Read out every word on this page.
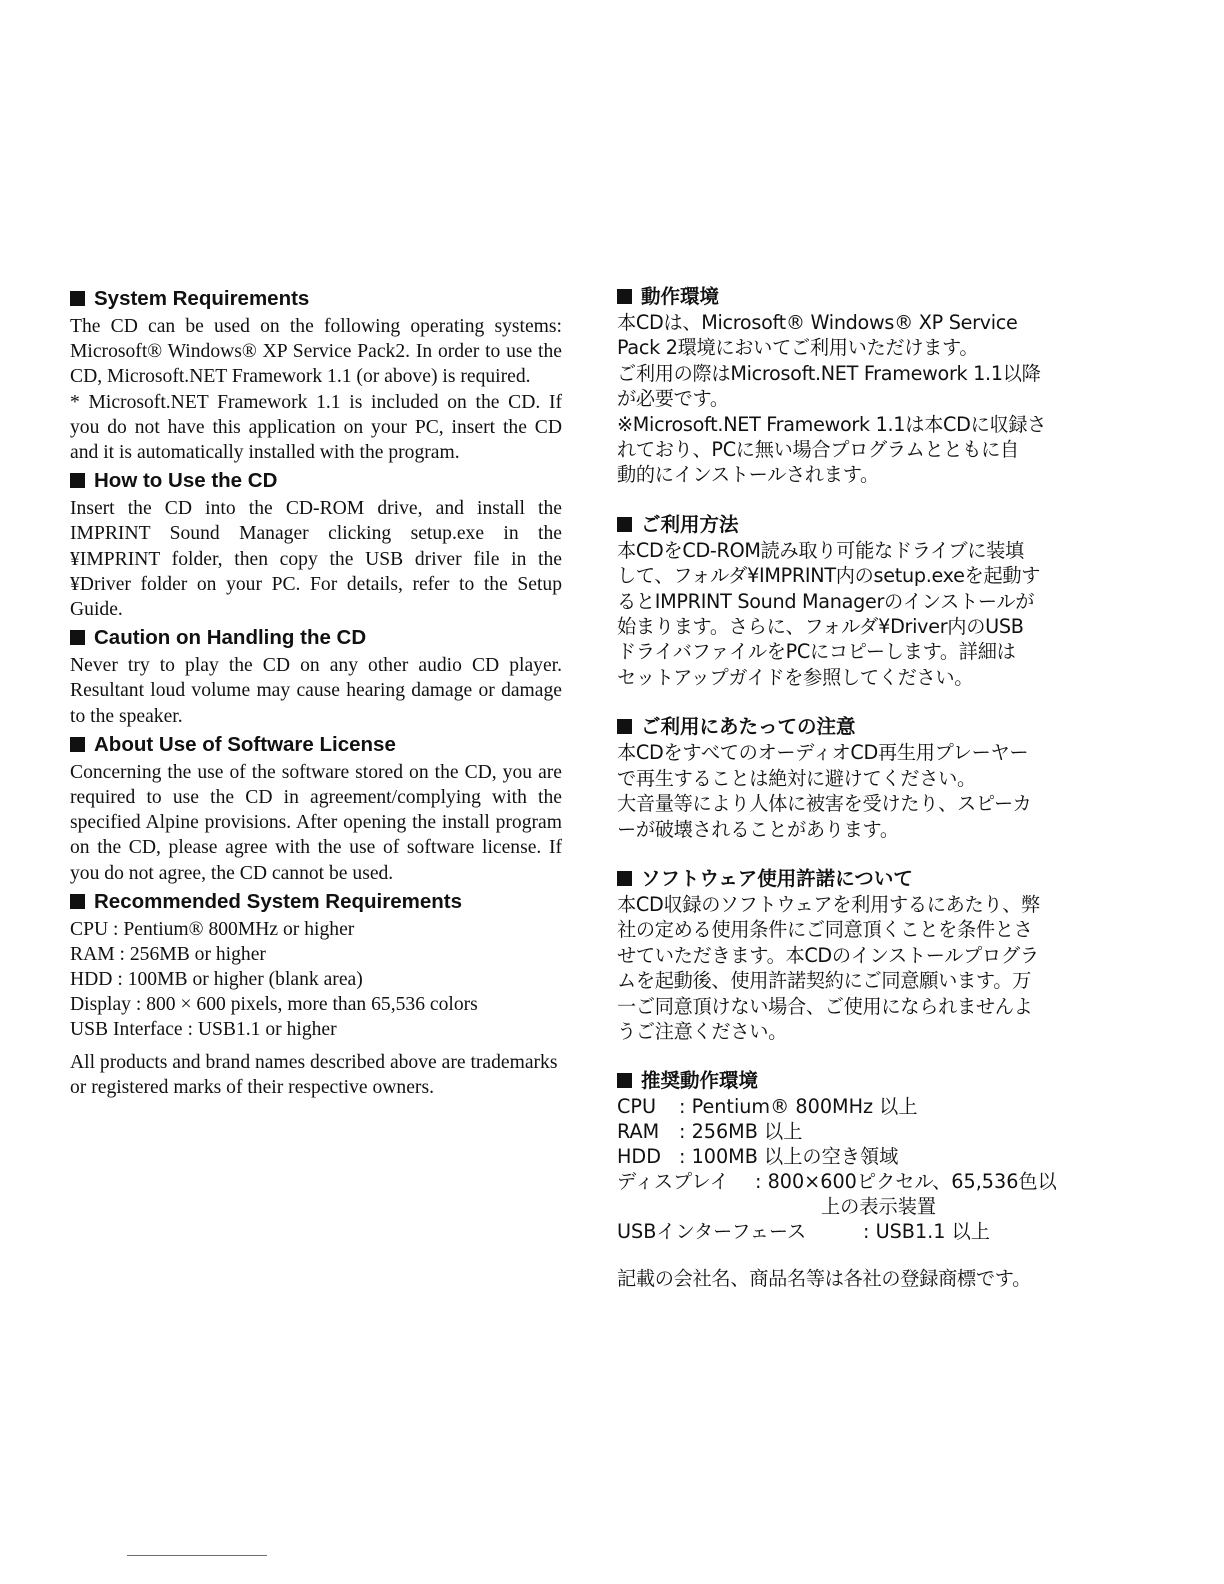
System Requirements

The CD can be used on the following operating systems: Microsoft® Windows® XP Service Pack2. In order to use the CD, Microsoft.NET Framework 1.1 (or above) is required.

* Microsoft.NET Framework 1.1 is included on the CD. If you do not have this application on your PC, insert the CD and it is automatically installed with the program.

How to Use the CD

Insert the CD into the CD-ROM drive, and install the IMPRINT Sound Manager clicking setup.exe in the ¥IMPRINT folder, then copy the USB driver file in the ¥Driver folder on your PC. For details, refer to the Setup Guide.

Caution on Handling the CD

Never try to play the CD on any other audio CD player. Resultant loud volume may cause hearing damage or damage to the speaker.

About Use of Software License

Concerning the use of the software stored on the CD, you are required to use the CD in agreement/complying with the specified Alpine provisions. After opening the install program on the CD, please agree with the use of software license. If you do not agree, the CD cannot be used.

Recommended System Requirements
CPU : Pentium® 800MHz or higher
RAM : 256MB or higher
HDD : 100MB or higher (blank area)
Display : 800 × 600 pixels, more than 65,536 colors
USB Interface : USB1.1 or higher

All products and brand names described above are trademarks or registered marks of their respective owners.

動作環境

本CDは、Microsoft® Windows® XP Service

Pack 2環境においてご利用いただけます。

ご利用の際はMicrosoft.NET Framework 1.1以降

が必要です。

※Microsoft.NET Framework 1.1は本CDに収録さ

れており、PCに無い場合プログラムとともに自

動的にインストールされます。

ご利用方法

本CDをCD-ROM読み取り可能なドライブに装填

して、フォルダ¥IMPRINT内のsetup.exeを起動す

るとIMPRINT Sound Managerのインストールが

始まります。さらに、フォルダ¥Driver内のUSB

ドライバファイルをPCにコピーします。詳細は

セットアップガイドを参照してください。

ご利用にあたっての注意

本CDをすべてのオーディオCD再生用プレーヤー

で再生することは絶対に避けてください。

大音量等により人体に被害を受けたり、スピーカ

ーが破壊されることがあります。

ソフトウェア使用許諾について

本CD収録のソフトウェアを利用するにあたり、弊

社の定める使用条件にご同意頂くことを条件とさ

せていただきます。本CDのインストールプログラ

ムを起動後、使用許諾契約にご同意願います。万

一ご同意頂けない場合、ご使用になられませんよ

うご注意ください。

推奨動作環境
CPU : Pentium® 800MHz 以上
RAM : 256MB 以上
HDD : 100MB 以上の空き領域
ディスプレイ : 800×600ピクセル、65,536色以
上の表示装置
USBインターフェース	: USB1.1 以上

記載の会社名、商品名等は各社の登録商標です。
